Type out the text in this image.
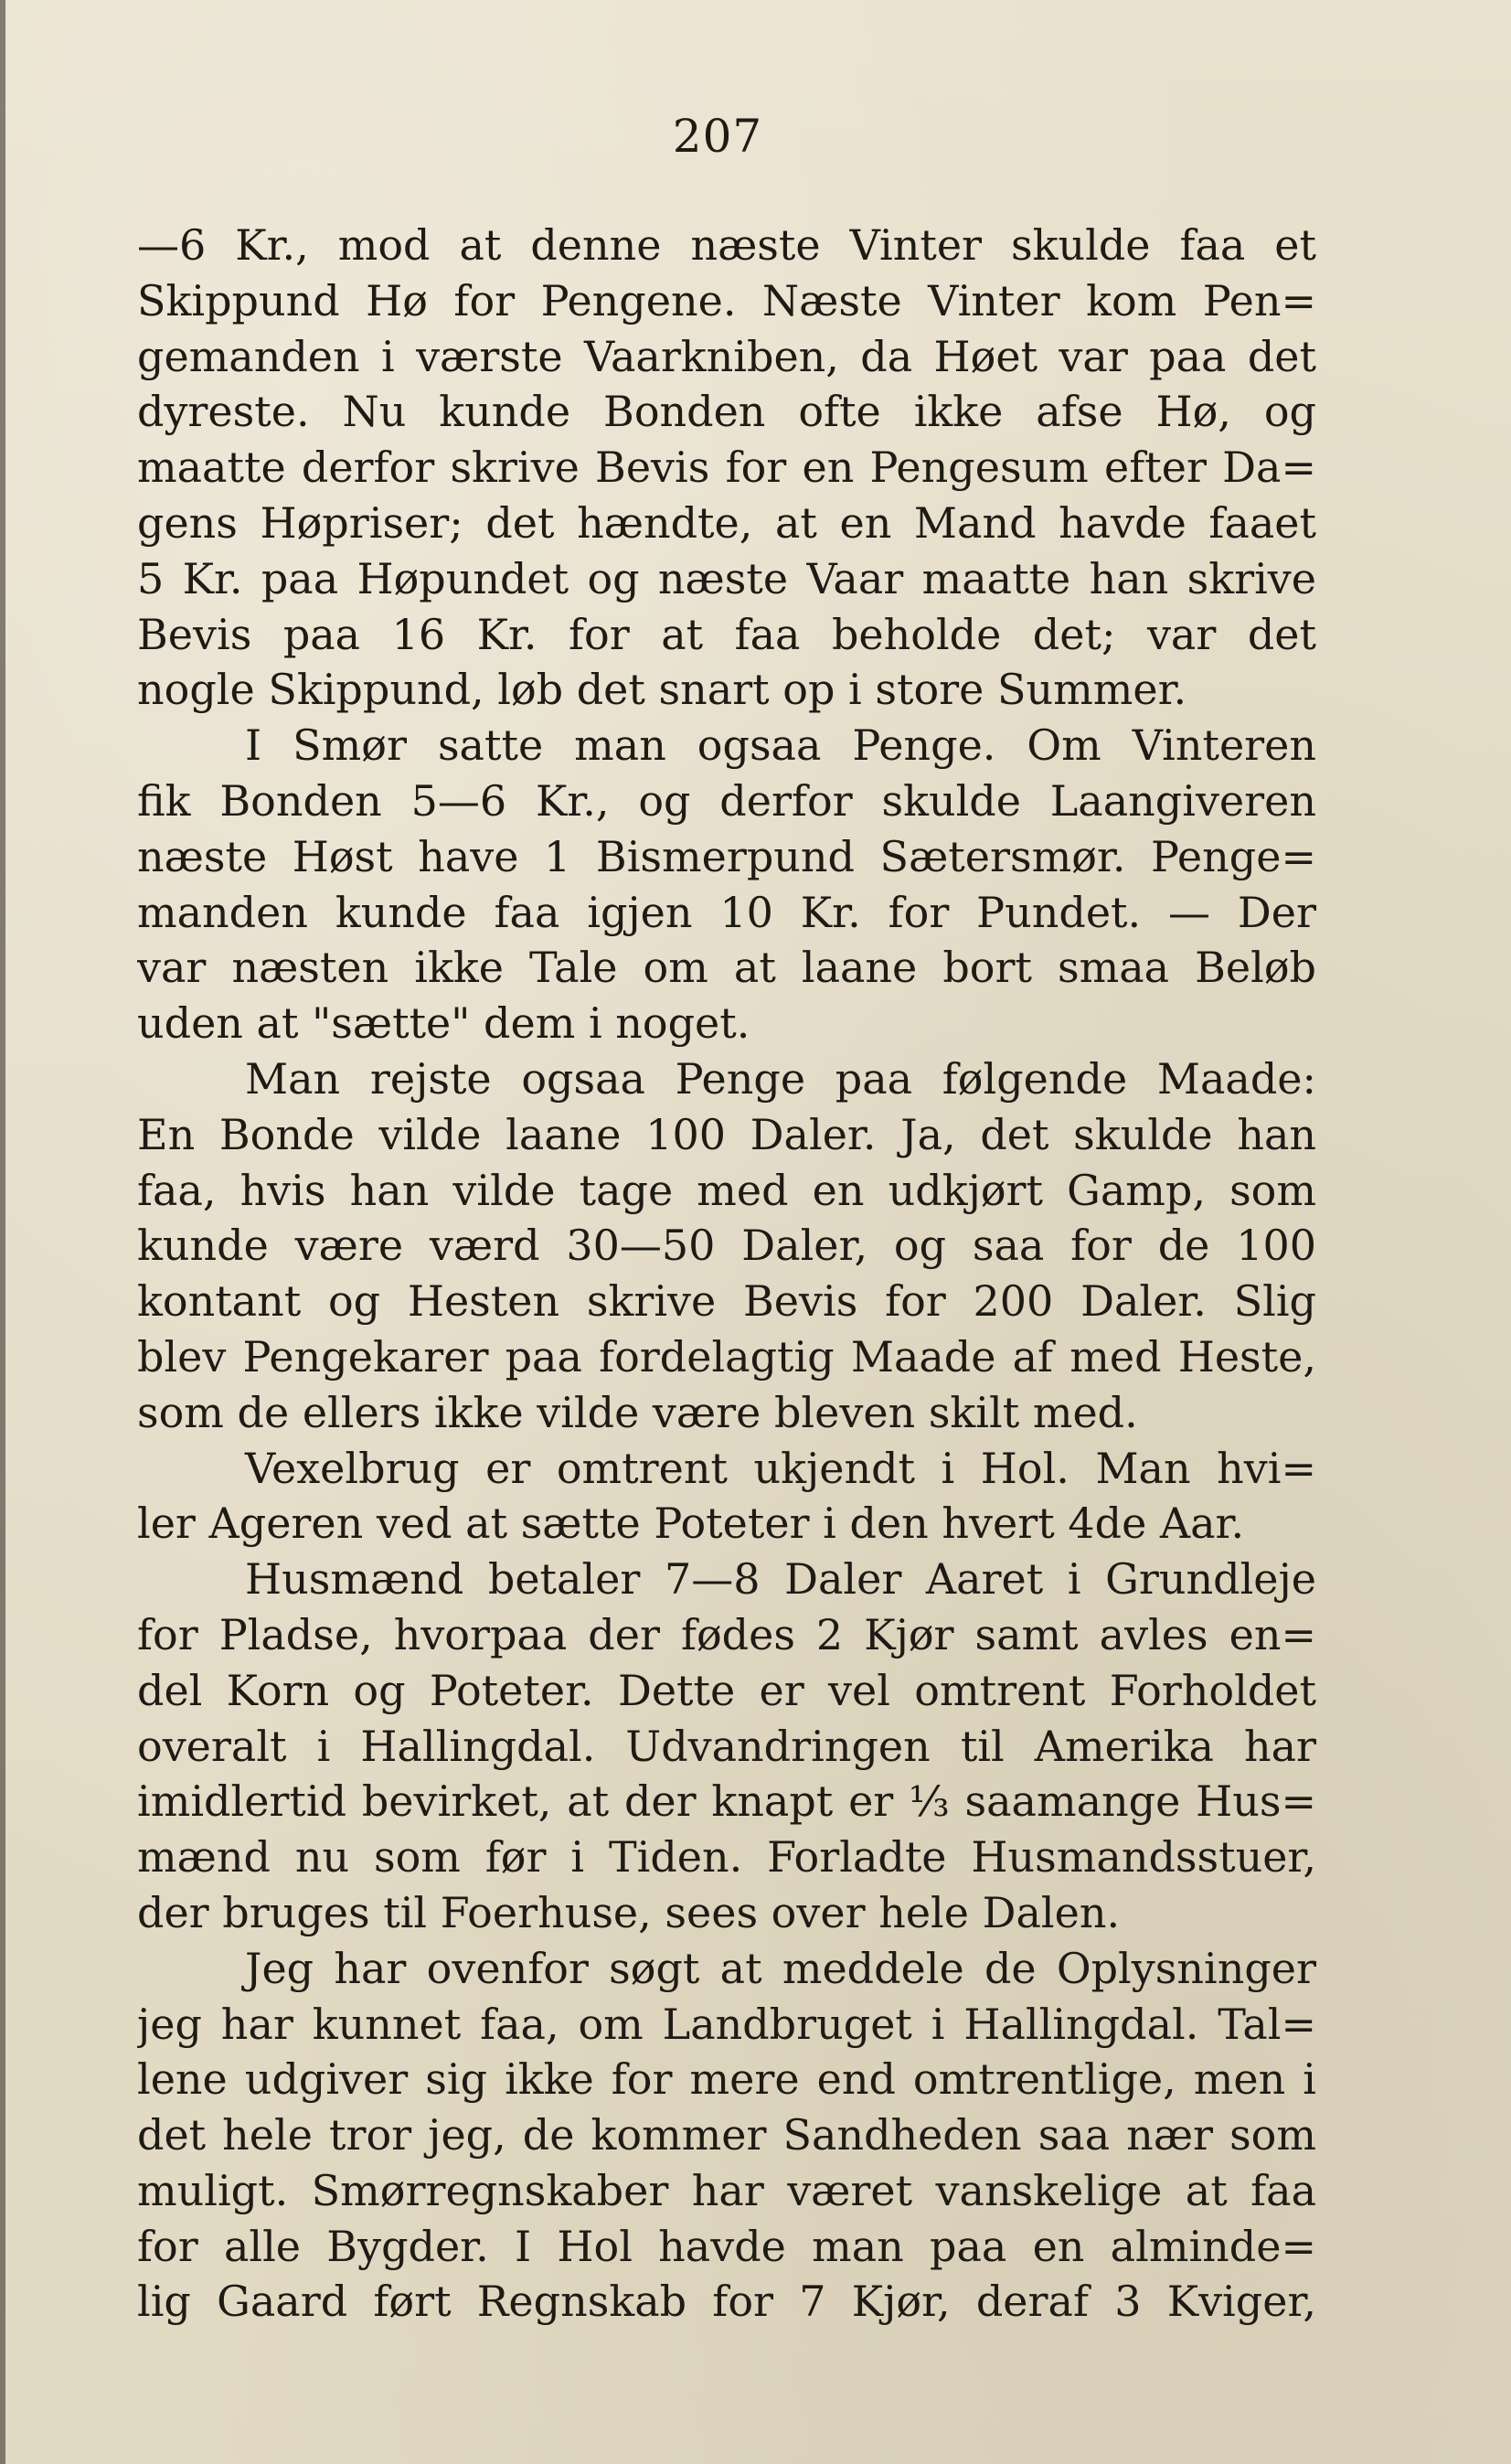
207
—6 Kr., mod at denne næste Vinter skulde faa et
Skippund Hø for Pengene. Næste Vinter kom Pen=
gemanden i værste Vaarkniben, da Høet var paa det
dyreste. Nu kunde Bonden ofte ikke afse Hø, og
maatte derfor skrive Bevis for en Pengesum efter Da=
gens Høpriser; det hændte, at en Mand havde faaet
5 Kr. paa Høpundet og næste Vaar maatte han skrive
Bevis paa 16 Kr. for at faa beholde det; var det
nogle Skippund, løb det snart op i store Summer.
I Smør satte man ogsaa Penge. Om Vinteren
fik Bonden 5—6 Kr., og derfor skulde Laangiveren
næste Høst have 1 Bismerpund Sætersmør. Penge=
manden kunde faa igjen 10 Kr. for Pundet. — Der
var næsten ikke Tale om at laane bort smaa Beløb
uden at "sætte" dem i noget.
Man rejste ogsaa Penge paa følgende Maade:
En Bonde vilde laane 100 Daler. Ja, det skulde han
faa, hvis han vilde tage med en udkjørt Gamp, som
kunde være værd 30—50 Daler, og saa for de 100
kontant og Hesten skrive Bevis for 200 Daler. Slig
blev Pengekarer paa fordelagtig Maade af med Heste,
som de ellers ikke vilde være bleven skilt med.
Vexelbrug er omtrent ukjendt i Hol. Man hvi=
ler Ageren ved at sætte Poteter i den hvert 4de Aar.
Husmænd betaler 7—8 Daler Aaret i Grundleje
for Pladse, hvorpaa der fødes 2 Kjør samt avles en=
del Korn og Poteter. Dette er vel omtrent Forholdet
overalt i Hallingdal. Udvandringen til Amerika har
imidlertid bevirket, at der knapt er ⅓ saamange Hus=
mænd nu som før i Tiden. Forladte Husmandsstuer,
der bruges til Foerhuse, sees over hele Dalen.
Jeg har ovenfor søgt at meddele de Oplysninger
jeg har kunnet faa, om Landbruget i Hallingdal. Tal=
lene udgiver sig ikke for mere end omtrentlige, men i
det hele tror jeg, de kommer Sandheden saa nær som
muligt. Smørregnskaber har været vanskelige at faa
for alle Bygder. I Hol havde man paa en alminde=
lig Gaard ført Regnskab for 7 Kjør, deraf 3 Kviger,
